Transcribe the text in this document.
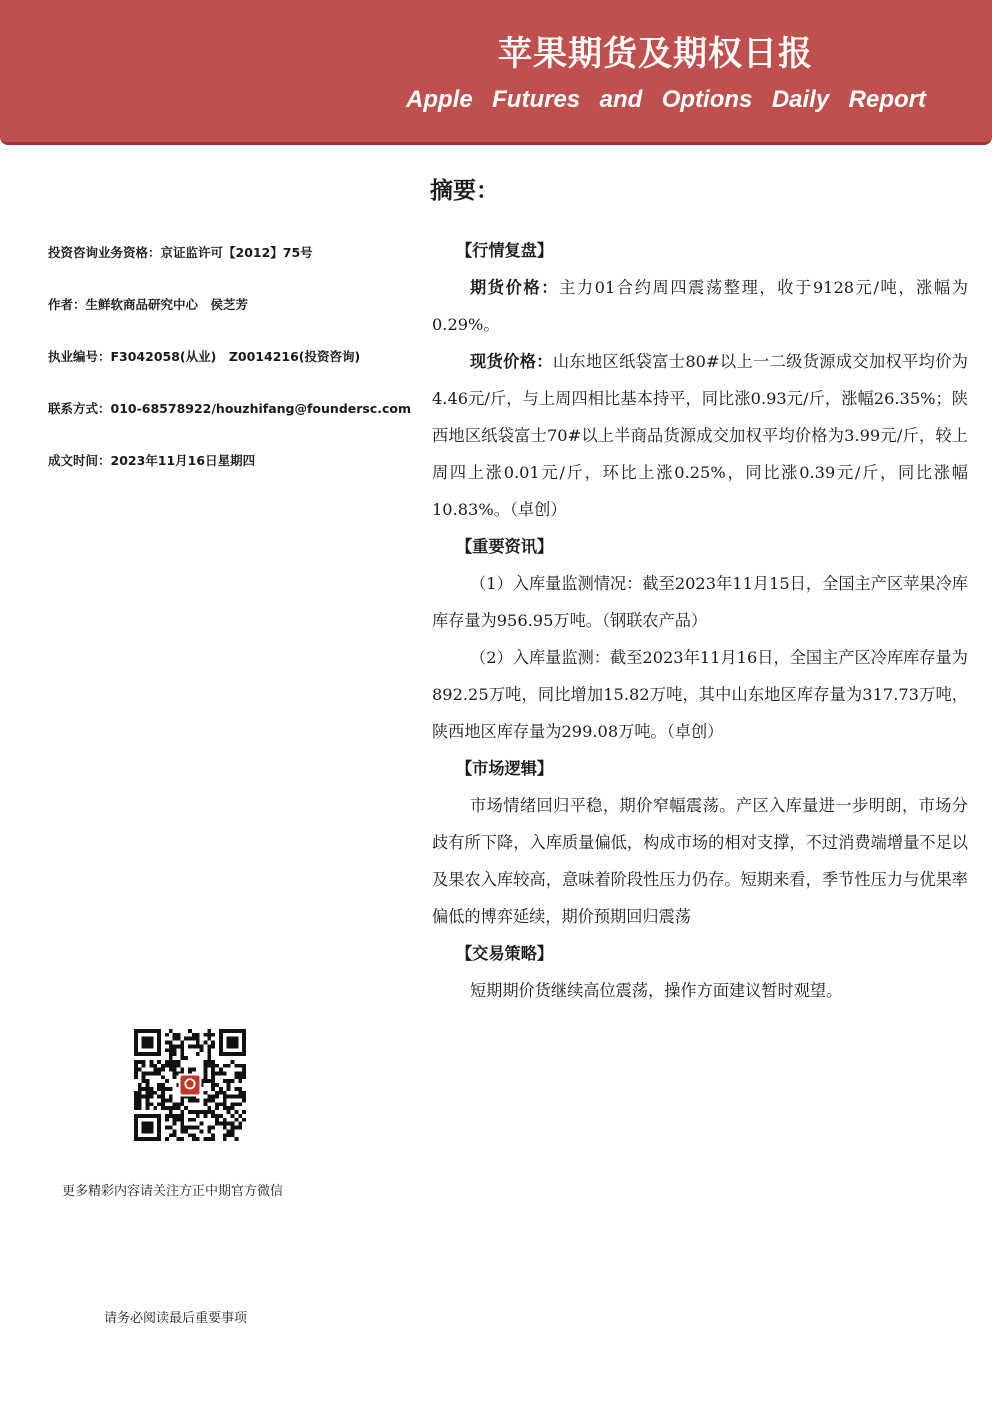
苹果期货及期权日报
Apple Futures and Options Daily Report
摘要：
投资咨询业务资格：京证监许可【2012】75号
作者：生鲜软商品研究中心　侯芝芳
执业编号：F3042058(从业)　Z0014216(投资咨询)
联系方式：010-68578922/houzhifang@foundersc.com
成文时间：2023年11月16日星期四

【行情复盘】

期货价格：主力01合约周四震荡整理，收于9128元/吨，涨幅为0.29%。

现货价格：山东地区纸袋富士80#以上一二级货源成交加权平均价为4.46元/斤，与上周四相比基本持平，同比涨0.93元/斤，涨幅26.35%；陕西地区纸袋富士70#以上半商品货源成交加权平均价格为3.99元/斤，较上周四上涨0.01元/斤，环比上涨0.25%，同比涨0.39元/斤，同比涨幅10.83%。（卓创）

【重要资讯】

（1）入库量监测情况：截至2023年11月15日，全国主产区苹果冷库库存量为956.95万吨。（钢联农产品）

（2）入库量监测：截至2023年11月16日，全国主产区冷库库存量为892.25万吨，同比增加15.82万吨，其中山东地区库存量为317.73万吨，陕西地区库存量为299.08万吨。（卓创）

【市场逻辑】

市场情绪回归平稳，期价窄幅震荡。产区入库量进一步明朗，市场分歧有所下降，入库质量偏低，构成市场的相对支撑，不过消费端增量不足以及果农入库较高，意味着阶段性压力仍存。短期来看，季节性压力与优果率偏低的博弈延续，期价预期回归震荡

【交易策略】

短期期价货继续高位震荡，操作方面建议暂时观望。

更多精彩内容请关注方正中期官方微信
请务必阅读最后重要事项
